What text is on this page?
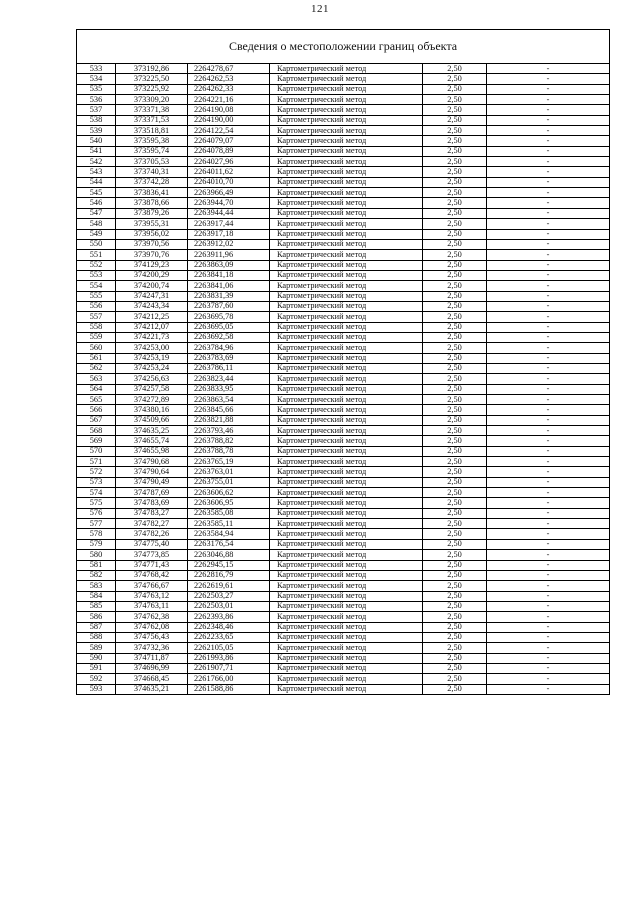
121
Сведения о местоположении границ объекта
533	373192,86	2264278,67	Картометрический метод	2,50	-
534	373225,50	2264262,53	Картометрический метод	2,50	-
535	373225,92	2264262,33	Картометрический метод	2,50	-
536	373309,20	2264221,16	Картометрический метод	2,50	-
537	373371,38	2264190,08	Картометрический метод	2,50	-
538	373371,53	2264190,00	Картометрический метод	2,50	-
539	373518,81	2264122,54	Картометрический метод	2,50	-
540	373595,38	2264079,07	Картометрический метод	2,50	-
541	373595,74	2264078,89	Картометрический метод	2,50	-
542	373705,53	2264027,96	Картометрический метод	2,50	-
543	373740,31	2264011,62	Картометрический метод	2,50	-
544	373742,28	2264010,70	Картометрический метод	2,50	-
545	373836,41	2263966,49	Картометрический метод	2,50	-
546	373878,66	2263944,70	Картометрический метод	2,50	-
547	373879,26	2263944,44	Картометрический метод	2,50	-
548	373955,31	2263917,44	Картометрический метод	2,50	-
549	373956,02	2263917,18	Картометрический метод	2,50	-
550	373970,56	2263912,02	Картометрический метод	2,50	-
551	373970,76	2263911,96	Картометрический метод	2,50	-
552	374129,23	2263863,09	Картометрический метод	2,50	-
553	374200,29	2263841,18	Картометрический метод	2,50	-
554	374200,74	2263841,06	Картометрический метод	2,50	-
555	374247,31	2263831,39	Картометрический метод	2,50	-
556	374243,34	2263787,60	Картометрический метод	2,50	-
557	374212,25	2263695,78	Картометрический метод	2,50	-
558	374212,07	2263695,05	Картометрический метод	2,50	-
559	374221,73	2263692,58	Картометрический метод	2,50	-
560	374253,00	2263784,96	Картометрический метод	2,50	-
561	374253,19	2263783,69	Картометрический метод	2,50	-
562	374253,24	2263786,11	Картометрический метод	2,50	-
563	374256,63	2263823,44	Картометрический метод	2,50	-
564	374257,58	2263833,95	Картометрический метод	2,50	-
565	374272,89	2263863,54	Картометрический метод	2,50	-
566	374380,16	2263845,66	Картометрический метод	2,50	-
567	374509,66	2263821,88	Картометрический метод	2,50	-
568	374635,25	2263793,46	Картометрический метод	2,50	-
569	374655,74	2263788,82	Картометрический метод	2,50	-
570	374655,98	2263788,78	Картометрический метод	2,50	-
571	374790,68	2263765,19	Картометрический метод	2,50	-
572	374790,64	2263763,01	Картометрический метод	2,50	-
573	374790,49	2263755,01	Картометрический метод	2,50	-
574	374787,69	2263606,62	Картометрический метод	2,50	-
575	374783,69	2263606,95	Картометрический метод	2,50	-
576	374783,27	2263585,08	Картометрический метод	2,50	-
577	374782,27	2263585,11	Картометрический метод	2,50	-
578	374782,26	2263584,94	Картометрический метод	2,50	-
579	374775,40	2263176,54	Картометрический метод	2,50	-
580	374773,85	2263046,88	Картометрический метод	2,50	-
581	374771,43	2262945,15	Картометрический метод	2,50	-
582	374768,42	2262816,79	Картометрический метод	2,50	-
583	374766,67	2262619,61	Картометрический метод	2,50	-
584	374763,12	2262503,27	Картометрический метод	2,50	-
585	374763,11	2262503,01	Картометрический метод	2,50	-
586	374762,38	2262393,86	Картометрический метод	2,50	-
587	374762,08	2262348,46	Картометрический метод	2,50	-
588	374756,43	2262233,65	Картометрический метод	2,50	-
589	374732,36	2262105,05	Картометрический метод	2,50	-
590	374711,87	2261993,86	Картометрический метод	2,50	-
591	374696,99	2261907,71	Картометрический метод	2,50	-
592	374668,45	2261766,00	Картометрический метод	2,50	-
593	374635,21	2261588,86	Картометрический метод	2,50	-
